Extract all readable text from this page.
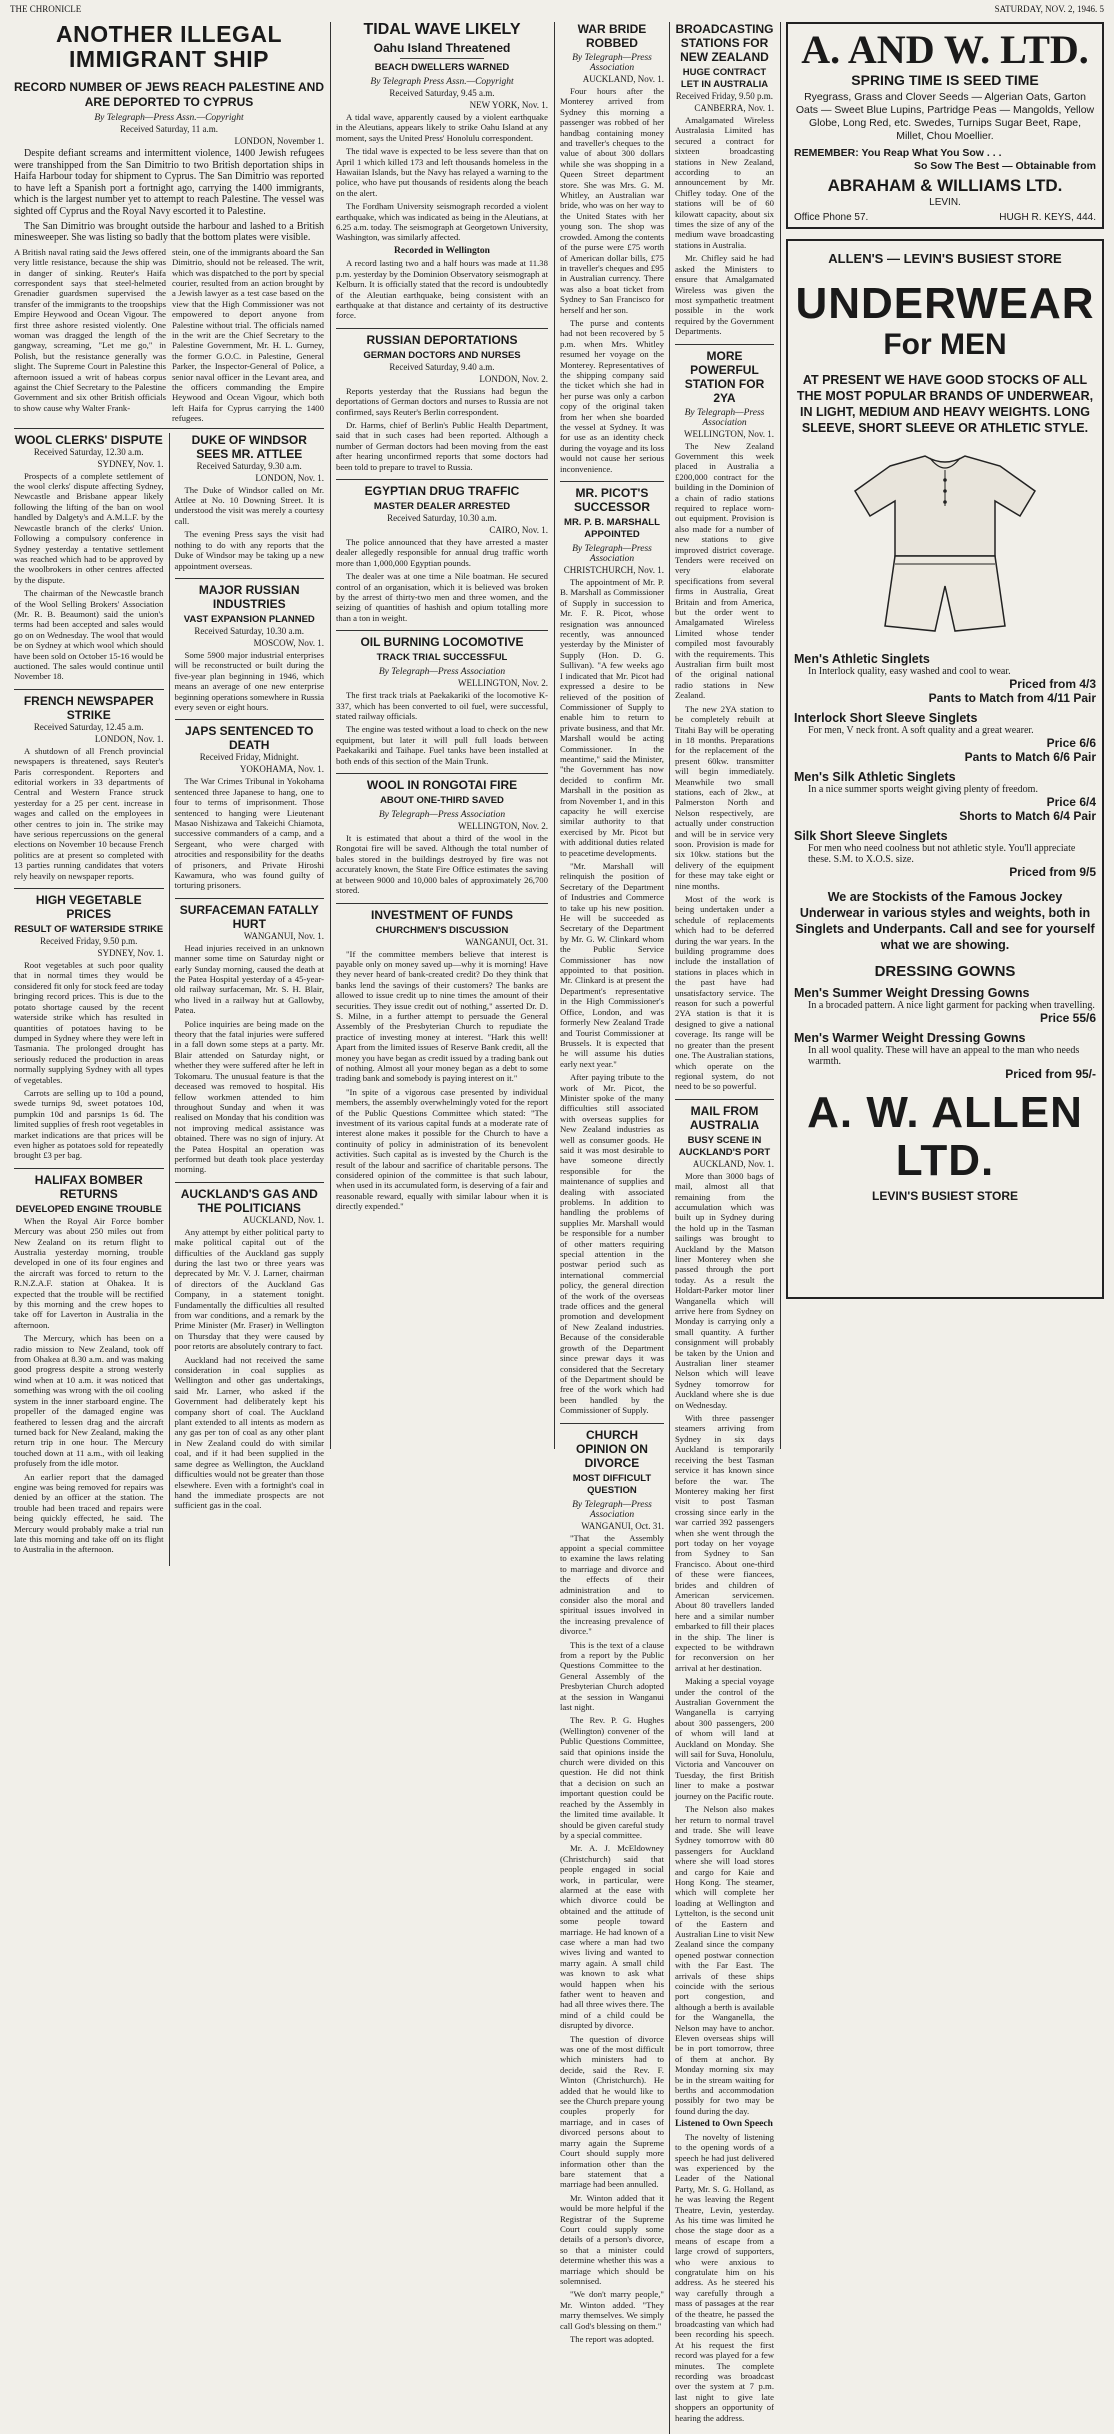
THE CHRONICLE	SATURDAY, NOV. 2, 1946. 5
ANOTHER ILLEGAL IMMIGRANT SHIP
RECORD NUMBER OF JEWS REACH PALESTINE AND ARE DEPORTED TO CYPRUS
By Telegraph—Press Assn.—Copyright
Received Saturday, 11 a.m.
LONDON, November 1.

Despite defiant screams and intermittent violence, 1400 Jewish refugees were transhipped from the San Dimitrio to two British deportation ships in Haifa Harbour today for shipment to Cyprus. The San Dimitrio was reported to have left a Spanish port a fortnight ago, carrying the 1400 immigrants, which is the largest number yet to attempt to reach Palestine. The vessel was sighted off Cyprus and the Royal Navy escorted it to Palestine.

The San Dimitrio was brought outside the harbour and lashed to a British minesweeper. She was listing so badly that the bottom plates were visible.

A British naval rating said the Jews offered very little resistance, because the ship was in danger of sinking. Reuter's Haifa correspondent says that steel-helmeted Grenadier guardsmen supervised the transfer of the immigrants to the troopships Empire Heywood and Ocean Vigour. The first three ashore resisted violently. One woman was dragged the length of the gangway, screaming, "Let me go," in Polish, but the resistance generally was slight. The Supreme Court in Palestine this afternoon issued a writ of habeas corpus against the Chief Secretary to the Palestine Government and six other British officials to show cause why Walter Frank-
stein, one of the immigrants aboard the San Dimitrio, should not be released. The writ, which was dispatched to the port by special courier, resulted from an action brought by a Jewish lawyer as a test case based on the view that the High Commissioner was not empowered to deport anyone from Palestine without trial. The officials named in the writ are the Chief Secretary to the Palestine Government, Mr. H. L. Gurney, the former G.O.C. in Palestine, General Parker, the Inspector-General of Police, a senior naval officer in the Levant area, and the officers commanding the Empire Heywood and Ocean Vigour, which both left Haifa for Cyprus carrying the 1400 refugees.
WOOL CLERKS' DISPUTE
Received Saturday, 12.30 a.m.
SYDNEY, Nov. 1.

Prospects of a complete settlement of the wool clerks' dispute affecting Sydney, Newcastle and Brisbane appear likely following the lifting of the ban on wool handled by Dalgety's and A.M.L.F. by the Newcastle branch of the clerks' Union. Following a compulsory conference in Sydney yesterday a tentative settlement was reached which had to be approved by the woolbrokers in other centres affected by the dispute.

The chairman of the Newcastle branch of the Wool Selling Brokers' Association (Mr. R. B. Beaumont) said the union's terms had been accepted and sales would go on on Wednesday. The wool that would be on Sydney at which wool which should have been sold on October 15-16 would be auctioned. The sales would continue until November 18.

FRENCH NEWSPAPER STRIKE
Received Saturday, 12.45 a.m.
LONDON, Nov. 1.

A shutdown of all French provincial newspapers is threatened, says Reuter's Paris correspondent. Reporters and editorial workers in 33 departments of Central and Western France struck yesterday for a 25 per cent. increase in wages and called on the employees in other centres to join in. The strike may have serious repercussions on the general elections on November 10 because French politics are at present so completed with 13 parties running candidates that voters rely heavily on newspaper reports.

HIGH VEGETABLE PRICES
RESULT OF WATERSIDE STRIKE
Received Friday, 9.50 p.m.
SYDNEY, Nov. 1.

Root vegetables at such poor quality that in normal times they would be considered fit only for stock feed are today bringing record prices. This is due to the potato shortage caused by the recent waterside strike which has resulted in quantities of potatoes having to be dumped in Sydney where they were left in Tasmania. The prolonged drought has seriously reduced the production in areas normally supplying Sydney with all types of vegetables.

Carrots are selling up to 10d a pound, swede turnips 9d, sweet potatoes 10d, pumpkin 10d and parsnips 1s 6d. The limited supplies of fresh root vegetables in market indications are that prices will be even higher as potatoes sold for repeatedly brought £3 per bag.

HALIFAX BOMBER RETURNS
DEVELOPED ENGINE TROUBLE

When the Royal Air Force bomber Mercury was about 250 miles out from New Zealand on its return flight to Australia yesterday morning, trouble developed in one of its four engines and the aircraft was forced to return to the R.N.Z.A.F. station at Ohakea. It is expected that the trouble will be rectified by this morning and the crew hopes to take off for Laverton in Australia in the afternoon.

The Mercury, which has been on a radio mission to New Zealand, took off from Ohakea at 8.30 a.m. and was making good progress despite a strong westerly wind when at 10 a.m. it was noticed that something was wrong with the oil cooling system in the inner starboard engine. The propeller of the damaged engine was feathered to lessen drag and the aircraft turned back for New Zealand, making the return trip in one hour. The Mercury touched down at 11 a.m., with oil leaking profusely from the idle motor.

An earlier report that the damaged engine was being removed for repairs was denied by an officer at the station. The trouble had been traced and repairs were being quickly effected, he said. The Mercury would probably make a trial run late this morning and take off on its flight to Australia in the afternoon.

DUKE OF WINDSOR SEES MR. ATTLEE
Received Saturday, 9.30 a.m.
LONDON, Nov. 1.

The Duke of Windsor called on Mr. Attlee at No. 10 Downing Street. It is understood the visit was merely a courtesy call.

The evening Press says the visit had nothing to do with any reports that the Duke of Windsor may be taking up a new appointment overseas.

MAJOR RUSSIAN INDUSTRIES
VAST EXPANSION PLANNED
Received Saturday, 10.30 a.m.
MOSCOW, Nov. 1.

Some 5900 major industrial enterprises will be reconstructed or built during the five-year plan beginning in 1946, which means an average of one new enterprise beginning operations somewhere in Russia every seven or eight hours.

JAPS SENTENCED TO DEATH
Received Friday, Midnight.
YOKOHAMA, Nov. 1.

The War Crimes Tribunal in Yokohama sentenced three Japanese to hang, one to four to terms of imprisonment. Those sentenced to hanging were Lieutenant Masao Nishizawa and Takeichi Chiamota, successive commanders of a camp, and a Sergeant, who were charged with atrocities and responsibility for the deaths of prisoners, and Private Hiroshi Kawamura, who was found guilty of torturing prisoners.

SURFACEMAN FATALLY HURT
WANGANUI, Nov. 1.

Head injuries received in an unknown manner some time on Saturday night or early Sunday morning, caused the death at the Patea Hospital yesterday of a 45-year-old railway surfaceman, Mr. S. H. Blair, who lived in a railway hut at Gallowby, Patea.

Police inquiries are being made on the theory that the fatal injuries were suffered in a fall down some steps at a party. Mr. Blair attended on Saturday night, or whether they were suffered after he left in Tokomaru. The unusual feature is that the deceased was removed to hospital. His fellow workmen attended to him throughout Sunday and when it was realised on Monday that his condition was not improving medical assistance was obtained. There was no sign of injury. At the Patea Hospital an operation was performed but death took place yesterday morning.

AUCKLAND'S GAS AND THE POLITICIANS
AUCKLAND, Nov. 1.

Any attempt by either political party to make political capital out of the difficulties of the Auckland gas supply during the last two or three years was deprecated by Mr. V. J. Larner, chairman of directors of the Auckland Gas Company, in a statement tonight. Fundamentally the difficulties all resulted from war conditions, and a remark by the Prime Minister (Mr. Fraser) in Wellington on Thursday that they were caused by poor retorts are absolutely contrary to fact.

Auckland had not received the same consideration in coal supplies as Wellington and other gas undertakings, said Mr. Larner, who asked if the Government had deliberately kept his company short of coal. The Auckland plant extended to all intents as modern as any gas per ton of coal as any other plant in New Zealand could do with similar coal, and if it had been supplied in the same degree as Wellington, the Auckland difficulties would not be greater than those elsewhere. Even with a fortnight's coal in hand the immediate prospects are not sufficient gas in the coal.

TIDAL WAVE LIKELY
Oahu Island Threatened
BEACH DWELLERS WARNED
By Telegraph Press Assn.—Copyright
Received Saturday, 9.45 a.m.
NEW YORK, Nov. 1.

A tidal wave, apparently caused by a violent earthquake in the Aleutians, appears likely to strike Oahu Island at any moment, says the United Press' Honolulu correspondent.

The tidal wave is expected to be less severe than that on April 1 which killed 173 and left thousands homeless in the Hawaiian Islands, but the Navy has relayed a warning to the police, who have put thousands of residents along the beach on the alert.

The Fordham University seismograph recorded a violent earthquake, which was indicated as being in the Aleutians, at 6.25 a.m. today. The seismograph at Georgetown University, Washington, was similarly affected.

Recorded in Wellington

A record lasting two and a half hours was made at 11.38 p.m. yesterday by the Dominion Observatory seismograph at Kelburn. It is officially stated that the record is undoubtedly of the Aleutian earthquake, being consistent with an earthquake at that distance and certainty of its destructive force.

RUSSIAN DEPORTATIONS
GERMAN DOCTORS AND NURSES
Received Saturday, 9.40 a.m.
LONDON, Nov. 2.

Reports yesterday that the Russians had begun the deportations of German doctors and nurses to Russia are not confirmed, says Reuter's Berlin correspondent.

Dr. Harms, chief of Berlin's Public Health Department, said that in such cases had been reported. Although a number of German doctors had been moving from the east after hearing unconfirmed reports that some doctors had been told to prepare to travel to Russia.

EGYPTIAN DRUG TRAFFIC
MASTER DEALER ARRESTED
Received Saturday, 10.30 a.m.
CAIRO, Nov. 1.

The police announced that they have arrested a master dealer allegedly responsible for annual drug traffic worth more than 1,000,000 Egyptian pounds.

The dealer was at one time a Nile boatman. He secured control of an organisation, which it is believed was broken by the arrest of thirty-two men and three women, and the seizing of quantities of hashish and opium totalling more than a ton in weight.

OIL BURNING LOCOMOTIVE
TRACK TRIAL SUCCESSFUL
By Telegraph—Press Association
WELLINGTON, Nov. 2.

The first track trials at Paekakariki of the locomotive K-337, which has been converted to oil fuel, were successful, stated railway officials.

The engine was tested without a load to check on the new equipment, but later it will pull full loads between Paekakariki and Taihape. Fuel tanks have been installed at both ends of this section of the Main Trunk.

WOOL IN RONGOTAI FIRE
ABOUT ONE-THIRD SAVED
By Telegraph—Press Association
WELLINGTON, Nov. 2.

It is estimated that about a third of the wool in the Rongotai fire will be saved. Although the total number of bales stored in the buildings destroyed by fire was not accurately known, the State Fire Office estimates the saving at between 9000 and 10,000 bales of approximately 26,700 stored.

INVESTMENT OF FUNDS
CHURCHMEN'S DISCUSSION
WANGANUI, Oct. 31.

"If the committee members believe that interest is payable only on money saved up—why it is morning! Have they never heard of bank-created credit? Do they think that banks lend the savings of their customers? The banks are allowed to issue credit up to nine times the amount of their securities. They issue credit out of nothing," asserted Dr. D. S. Milne, in a further attempt to persuade the General Assembly of the Presbyterian Church to repudiate the practice of investing money at interest. "Hark this well! Apart from the limited issues of Reserve Bank credit, all the money you have began as credit issued by a trading bank out of nothing. Almost all your money began as a debt to some trading bank and somebody is paying interest on it."

"In spite of a vigorous case presented by individual members, the assembly overwhelmingly voted for the report of the Public Questions Committee which stated: "The investment of its various capital funds at a moderate rate of interest alone makes it possible for the Church to have a continuity of policy in administration of its benevolent activities. Such capital as is invested by the Church is the result of the labour and sacrifice of charitable persons. The considered opinion of the committee is that such labour, when used in its accumulated form, is deserving of a fair and reasonable reward, equally with similar labour when it is directly expended."

WAR BRIDE ROBBED
By Telegraph—Press Association
AUCKLAND, Nov. 1.

Four hours after the Monterey arrived from Sydney this morning a passenger was robbed of her handbag containing money and traveller's cheques to the value of about 300 dollars while she was shopping in a Queen Street department store. She was Mrs. G. M. Whitley, an Australian war bride, who was on her way to the United States with her young son. The shop was crowded. Among the contents of the purse were £75 worth of American dollar bills, £75 in traveller's cheques and £95 in Australian currency. There was also a boat ticket from Sydney to San Francisco for herself and her son.

The purse and contents had not been recovered by 5 p.m. when Mrs. Whitley resumed her voyage on the Monterey. Representatives of the shipping company said the ticket which she had in her purse was only a carbon copy of the original taken from her when she boarded the vessel at Sydney. It was for use as an identity check during the voyage and its loss would not cause her serious inconvenience.

MR. PICOT'S SUCCESSOR
MR. P. B. MARSHALL APPOINTED
By Telegraph—Press Association
CHRISTCHURCH, Nov. 1.

The appointment of Mr. P. B. Marshall as Commissioner of Supply in succession to Mr. F. R. Picot, whose resignation was announced recently, was announced yesterday by the Minister of Supply (Hon. D. G. Sullivan). "A few weeks ago I indicated that Mr. Picot had expressed a desire to be relieved of the position of Commissioner of Supply to enable him to return to private business, and that Mr. Marshall would be acting Commissioner. In the meantime," said the Minister, "the Government has now decided to confirm Mr. Marshall in the position as from November 1, and in this capacity he will exercise similar authority to that exercised by Mr. Picot but with additional duties related to peacetime developments.

"Mr. Marshall will relinquish the position of Secretary of the Department of Industries and Commerce to take up his new position. He will be succeeded as Secretary of the Department by Mr. G. W. Clinkard whom the Public Service Commissioner has now appointed to that position. Mr. Clinkard is at present the Department's representative in the High Commissioner's Office, London, and was formerly New Zealand Trade and Tourist Commissioner at Brussels. It is expected that he will assume his duties early next year."

After paying tribute to the work of Mr. Picot, the Minister spoke of the many difficulties still associated with overseas supplies for New Zealand industries as well as consumer goods. He said it was most desirable to have someone directly responsible for the maintenance of supplies and dealing with associated problems. In addition to handling the problems of supplies Mr. Marshall would be responsible for a number of other matters requiring special attention in the postwar period such as international commercial policy, the general direction of the work of the overseas trade offices and the general promotion and development of New Zealand industries. Because of the considerable growth of the Department since prewar days it was considered that the Secretary of the Department should be free of the work which had been handled by the Commissioner of Supply.

CHURCH OPINION ON DIVORCE
MOST DIFFICULT QUESTION
By Telegraph—Press Association
WANGANUI, Oct. 31.

"That the Assembly appoint a special committee to examine the laws relating to marriage and divorce and the effects of their administration and to consider also the moral and spiritual issues involved in the increasing prevalence of divorce."

This is the text of a clause from a report by the Public Questions Committee to the General Assembly of the Presbyterian Church adopted at the session in Wanganui last night.

The Rev. P. G. Hughes (Wellington) convener of the Public Questions Committee, said that opinions inside the church were divided on this question. He did not think that a decision on such an important question could be reached by the Assembly in the limited time available. It should be given careful study by a special committee.

Mr. A. J. McEldowney (Christchurch) said that people engaged in social work, in particular, were alarmed at the ease with which divorce could be obtained and the attitude of some people toward marriage. He had known of a case where a man had two wives living and wanted to marry again. A small child was known to ask what would happen when his father went to heaven and had all three wives there. The mind of a child could be disrupted by divorce.

The question of divorce was one of the most difficult which ministers had to decide, said the Rev. F. Winton (Christchurch). He added that he would like to see the Church prepare young couples properly for marriage, and in cases of divorced persons about to marry again the Supreme Court should supply more information other than the bare statement that a marriage had been annulled.

Mr. Winton added that it would be more helpful if the Registrar of the Supreme Court could supply some details of a person's divorce, so that a minister could determine whether this was a marriage which should be solemnised.

"We don't marry people," Mr. Winton added. "They marry themselves. We simply call God's blessing on them."

The report was adopted.

BROADCASTING STATIONS FOR NEW ZEALAND
HUGE CONTRACT LET IN AUSTRALIA
Received Friday, 9.50 p.m.
CANBERRA, Nov. 1.

Amalgamated Wireless Australasia Limited has secured a contract for sixteen broadcasting stations in New Zealand, according to an announcement by Mr. Chifley today. One of the stations will be of 60 kilowatt capacity, about six times the size of any of the medium wave broadcasting stations in Australia.

Mr. Chifley said he had asked the Ministers to ensure that Amalgamated Wireless was given the most sympathetic treatment possible in the work required by the Government Departments.

MORE POWERFUL STATION FOR 2YA
By Telegraph—Press Association
WELLINGTON, Nov. 1.

The New Zealand Government this week placed in Australia a £200,000 contract for the building in the Dominion of a chain of radio stations required to replace worn-out equipment. Provision is also made for a number of new stations to give improved district coverage. Tenders were received on very elaborate specifications from several firms in Australia, Great Britain and from America, but the order went to Amalgamated Wireless Limited whose tender compiled most favourably with the requirements. This Australian firm built most of the original national radio stations in New Zealand.

The new 2YA station to be completely rebuilt at Titahi Bay will be operating in 18 months. Preparations for the replacement of the present 60kw. transmitter will begin immediately. Meanwhile two small stations, each of 2kw., at Palmerston North and Nelson respectively, are actually under construction and will be in service very soon. Provision is made for six 10kw. stations but the delivery of the equipment for these may take eight or nine months.

Most of the work is being undertaken under a schedule of replacements which had to be deferred during the war years. In the building programme does include the installation of stations in places which in the past have had unsatisfactory service. The reason for such a powerful 2YA station is that it is designed to give a national coverage. Its range will be no greater than the present one. The Australian stations, which operate on the regional system, do not need to be so powerful.

MAIL FROM AUSTRALIA
BUSY SCENE IN AUCKLAND'S PORT
AUCKLAND, Nov. 1.

More than 3000 bags of mail, almost all that remaining from the accumulation which was built up in Sydney during the hold up in the Tasman sailings was brought to Auckland by the Matson liner Monterey when she passed through the port today. As a result the Holdart-Parker motor liner Wanganella which will arrive here from Sydney on Monday is carrying only a small quantity. A further consignment will probably be taken by the Union and Australian liner steamer Nelson which will leave Sydney tomorrow for Auckland where she is due on Wednesday.

With three passenger steamers arriving from Sydney in six days Auckland is temporarily receiving the best Tasman service it has known since before the war. The Monterey making her first visit to post Tasman crossing since early in the war carried 392 passengers when she went through the port today on her voyage from Sydney to San Francisco. About one-third of these were fiancees, brides and children of American servicemen. About 80 travellers landed here and a similar number embarked to fill their places in the ship. The liner is expected to be withdrawn for reconversion on her arrival at her destination.

Making a special voyage under the control of the Australian Government the Wanganella is carrying about 300 passengers, 200 of whom will land at Auckland on Monday. She will sail for Suva, Honolulu, Victoria and Vancouver on Tuesday, the first British liner to make a postwar journey on the Pacific route.

The Nelson also makes her return to normal travel and trade. She will leave Sydney tomorrow with 80 passengers for Auckland where she will load stores and cargo for Kaie and Hong Kong. The steamer, which will complete her loading at Wellington and Lyttelton, is the second unit of the Eastern and Australian Line to visit New Zealand since the company opened postwar connection with the Far East. The arrivals of these ships coincide with the serious port congestion, and although a berth is available for the Wanganella, the Nelson may have to anchor. Eleven overseas ships will be in port tomorrow, three of them at anchor. By Monday morning six may be in the stream waiting for berths and accommodation possibly for two may be found during the day.

Listened to Own Speech

The novelty of listening to the opening words of a speech he had just delivered was experienced by the Leader of the National Party, Mr. S. G. Holland, as he was leaving the Regent Theatre, Levin, yesterday. As his time was limited he chose the stage door as a means of escape from a large crowd of supporters, who were anxious to congratulate him on his address. As he steered his way carefully through a mass of passages at the rear of the theatre, he passed the broadcasting van which had been recording his speech. At his request the first record was played for a few minutes. The complete recording was broadcast over the system at 7 p.m. last night to give late shoppers an opportunity of hearing the address.

A. AND W. LTD.
SPRING TIME IS SEED TIME
Ryegrass, Grass and Clover Seeds — Algerian Oats, Garton Oats — Sweet Blue Lupins, Partridge Peas — Mangolds, Yellow Globe, Long Red, etc. Swedes, Turnips Sugar Beet, Rape, Millet, Chou Moellier.
REMEMBER: You Reap What You Sow . . .
So Sow The Best — Obtainable from
ABRAHAM & WILLIAMS LTD.
LEVIN.
Office Phone 57.	HUGH R. KEYS, 444.
ALLEN'S — LEVIN'S BUSIEST STORE
UNDERWEAR
For MEN
AT PRESENT WE HAVE GOOD STOCKS OF ALL THE MOST POPULAR BRANDS OF UNDERWEAR, IN LIGHT, MEDIUM AND HEAVY WEIGHTS. LONG SLEEVE, SHORT SLEEVE OR ATHLETIC STYLE.
Men's Athletic Singlets
In Interlock quality, easy washed and cool to wear.
Priced from 4/3
Pants to Match from 4/11 Pair
Interlock Short Sleeve Singlets
For men, V neck front. A soft quality and a great wearer.
Price 6/6
Pants to Match 6/6 Pair
Men's Silk Athletic Singlets
In a nice summer sports weight giving plenty of freedom.
Price 6/4
Shorts to Match 6/4 Pair
Silk Short Sleeve Singlets
For men who need coolness but not athletic style. You'll appreciate these. S.M. to X.O.S. size.
Priced from 9/5
We are Stockists of the Famous Jockey Underwear in various styles and weights, both in Singlets and Underpants. Call and see for yourself what we are showing.
DRESSING GOWNS
Men's Summer Weight Dressing Gowns
In a brocaded pattern. A nice light garment for packing when travelling.
Price 55/6
Men's Warmer Weight Dressing Gowns
In all wool quality. These will have an appeal to the man who needs warmth.
Priced from 95/-
A. W. ALLEN LTD.
LEVIN'S BUSIEST STORE
